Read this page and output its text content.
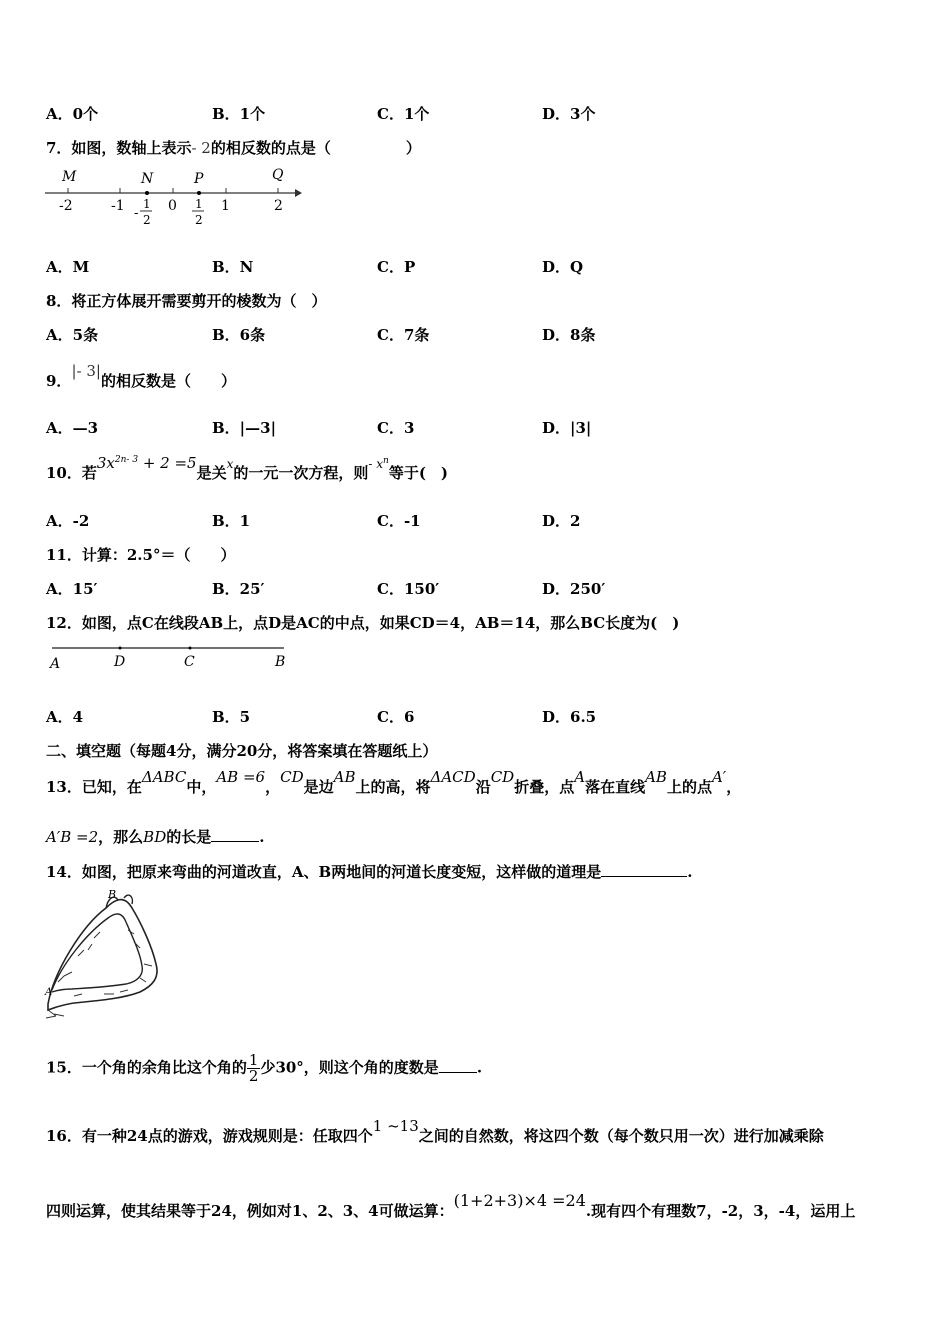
A．0个	B．1个	C．1个	D．3个
7．如图，数轴上表示- 2的相反数的点是（　　　　　）
M	N	P	Q
-2	-1	0	1	2
-
1
2
1
2
A．M	B．N	C．P	D．Q
8．将正方体展开需要剪开的棱数为（　）
A．5条	B．6条	C．7条	D．8条
9．|- 3|的相反数是（　　）
A．—3	B．|—3|	C．3	D．|3|
10．若$3x^{2n- 3} + 2 =5$是关$^x$的一元一次方程，则$^{- x^n}$等于(　)
A．-2	B．1	C．-1	D．2
11．计算：2.5°＝（　　）
A．15′	B．25′	C．150′	D．250′
12．如图，点C在线段AB上，点D是AC的中点，如果CD＝4，AB＝14，那么BC长度为(　)
A	D	C	B
A．4	B．5	C．6	D．6.5
二、填空题（每题4分，满分20分，将答案填在答题纸上）
13．已知，在ΔABC中，AB =6，CD是边AB上的高，将ΔACD沿CD折叠，点A落在直线AB上的点A′，
A′B =2，那么BD的长是	.
14．如图，把原来弯曲的河道改直，A、B两地间的河道长度变短，这样做的道理是	.
A
B
15．一个角的余角比这个角的 $\frac{1}{2}$ 少30°，则这个角的度数是	.
16．有一种24点的游戏，游戏规则是：任取四个1 ~13之间的自然数，将这四个数（每个数只用一次）进行加减乘除
四则运算，使其结果等于24，例如对1、2、3、4可做运算：(1+2+3)×4 =24.现有四个有理数7，-2，3，-4，运用上
